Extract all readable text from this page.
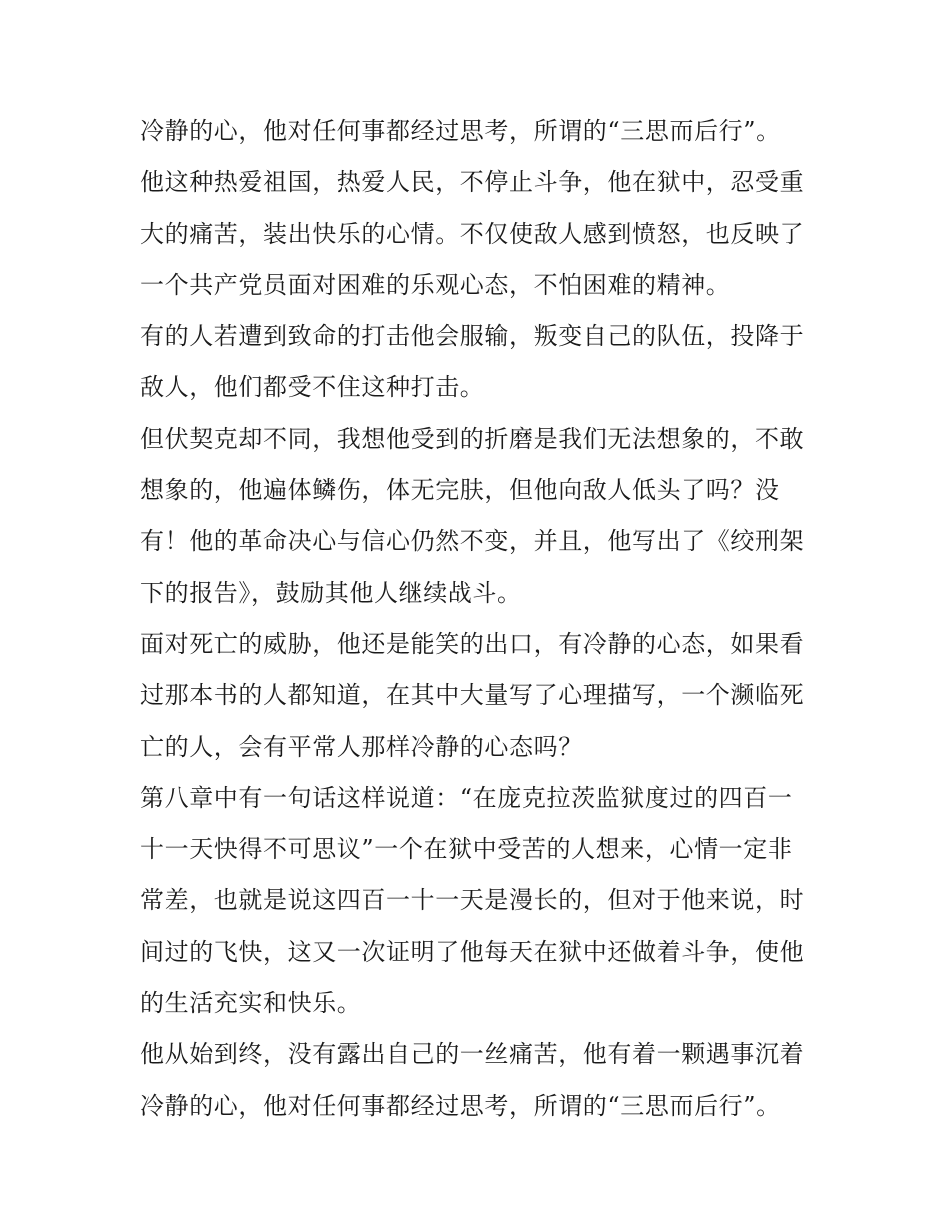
冷静的心，他对任何事都经过思考，所谓的“三思而后行”。
他这种热爱祖国，热爱人民，不停止斗争，他在狱中，忍受重
大的痛苦，装出快乐的心情。不仅使敌人感到愤怒，也反映了
一个共产党员面对困难的乐观心态，不怕困难的精神。
有的人若遭到致命的打击他会服输，叛变自己的队伍，投降于
敌人，他们都受不住这种打击。
但伏契克却不同，我想他受到的折磨是我们无法想象的，不敢
想象的，他遍体鳞伤，体无完肤，但他向敌人低头了吗？没
有！他的革命决心与信心仍然不变，并且，他写出了《绞刑架
下的报告》，鼓励其他人继续战斗。
面对死亡的威胁，他还是能笑的出口，有冷静的心态，如果看
过那本书的人都知道，在其中大量写了心理描写，一个濒临死
亡的人，会有平常人那样冷静的心态吗？
第八章中有一句话这样说道：“在庞克拉茨监狱度过的四百一
十一天快得不可思议”一个在狱中受苦的人想来，心情一定非
常差，也就是说这四百一十一天是漫长的，但对于他来说，时
间过的飞快，这又一次证明了他每天在狱中还做着斗争，使他
的生活充实和快乐。
他从始到终，没有露出自己的一丝痛苦，他有着一颗遇事沉着
冷静的心，他对任何事都经过思考，所谓的“三思而后行”。
